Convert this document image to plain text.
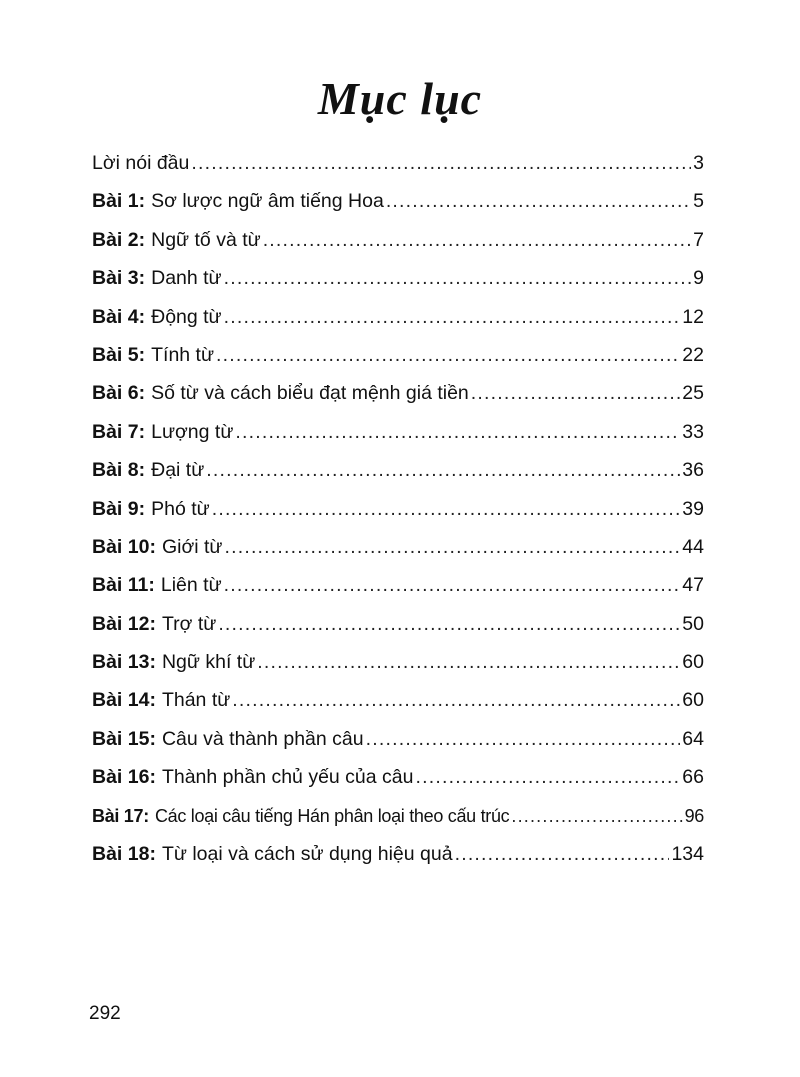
Mục lục
Lời nói đầu .....	3
Bài 1: Sơ lược ngữ âm tiếng Hoa .....	5
Bài 2: Ngữ tố và từ .....	7
Bài 3: Danh từ .....	9
Bài 4: Động từ .....	12
Bài 5: Tính từ .....	22
Bài 6: Số từ và cách biểu đạt mệnh giá tiền .....	25
Bài 7: Lượng từ .....	33
Bài 8: Đại từ .....	36
Bài 9: Phó từ .....	39
Bài 10: Giới từ .....	44
Bài 11: Liên từ .....	47
Bài 12: Trợ từ .....	50
Bài 13: Ngữ khí từ .....	60
Bài 14: Thán từ .....	60
Bài 15: Câu và thành phần câu .....	64
Bài 16: Thành phần chủ yếu của câu .....	66
Bài 17: Các loại câu tiếng Hán phân loại theo cấu trúc .....	96
Bài 18: Từ loại và cách sử dụng hiệu quả .....	134
292
